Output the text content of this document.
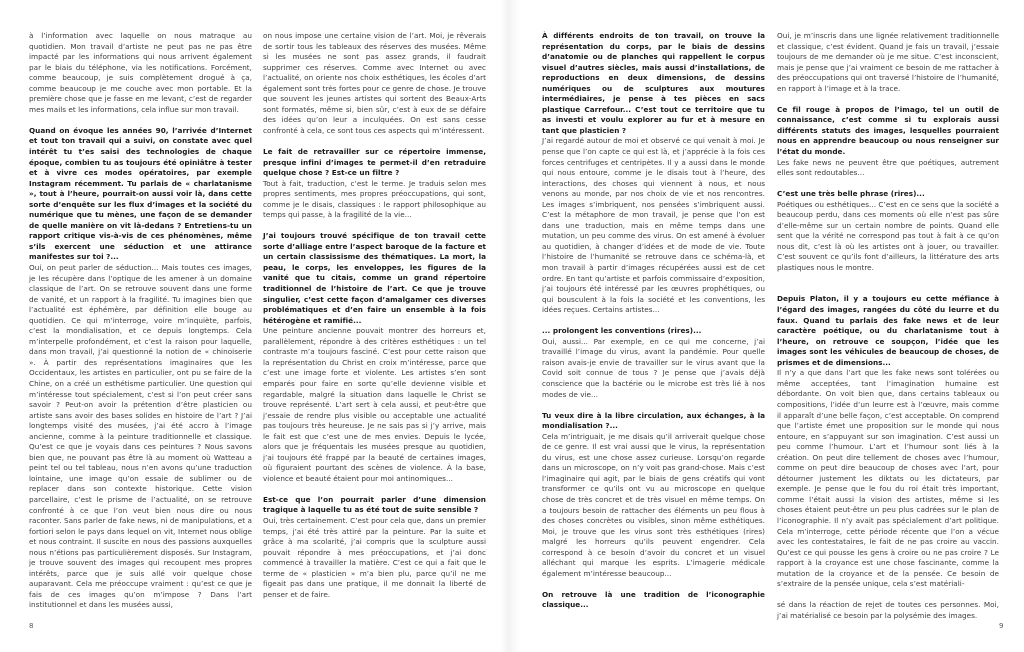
à l’information avec laquelle on nous matraque au quotidien. Mon travail d’artiste ne peut pas ne pas être impacté par les informations qui nous arrivent également par le biais du téléphone, via les notifications. Forcément, comme beaucoup, je suis complètement drogué à ça, comme beaucoup je me couche avec mon portable. Et la première chose que je fasse en me levant, c’est de regarder mes mails et les informations, cela influe sur mon travail.

Quand on évoque les années 90, l’arrivée d’Internet et tout ton travail qui a suivi, on constate avec quel intérêt tu t’es saisi des technologies de chaque époque, combien tu as toujours été opiniâtre à tester et à vivre ces modes opératoires, par exemple Instagram récemment. Tu parlais de « charlatanisme », tout à l’heure, pourrait-on aussi voir là, dans cette sorte d’enquête sur les flux d’images et la société du numérique que tu mènes, une façon de se demander de quelle manière on vit là-dedans ? Entretiens-tu un rapport critique vis-à-vis de ces phénomènes, même s’ils exercent une séduction et une attirance manifestes sur toi ?...

Oui, on peut parler de séduction... Mais toutes ces images, je les récupère dans l’optique de les amener à un domaine classique de l’art. On se retrouve souvent dans une forme de vanité, et un rapport à la fragilité. Tu imagines bien que l’actualité est éphémère, par définition elle bouge au quotidien. Ce qui m’interroge, voire m’inquiète, parfois, c’est la mondialisation, et ce depuis longtemps. Cela m’interpelle profondément, et c’est la raison pour laquelle, dans mon travail, j’ai questionné la notion de « chinoiserie ». À partir des représentations imaginaires que les Occidentaux, les artistes en particulier, ont pu se faire de la Chine, on a créé un esthétisme particulier. Une question qui m’intéresse tout spécialement, c’est si l’on peut créer sans savoir ? Peut-on avoir la prétention d’être plasticien ou artiste sans avoir des bases solides en histoire de l’art ? J’ai longtemps visité des musées, j’ai été accro à l’image ancienne, comme à la peinture traditionnelle et classique. Qu’est ce que je voyais dans ces peintures ? Nous savons bien que, ne pouvant pas être là au moment où Watteau a peint tel ou tel tableau, nous n’en avons qu’une traduction lointaine, une image qu’on essaie de sublimer ou de replacer dans son contexte historique. Cette vision parcellaire, c’est le prisme de l’actualité, on se retrouve confronté à ce que l’on veut bien nous dire ou nous raconter. Sans parler de fake news, ni de manipulations, et a fortiori selon le pays dans lequel on vit, Internet nous oblige et nous contraint. Il suscite en nous des passions auxquelles nous n’étions pas particulièrement disposés. Sur Instagram, je trouve souvent des images qui recoupent mes propres intérêts, parce que je suis allé voir quelque chose auparavant. Cela me préoccupe vraiment : qu’est ce que je fais de ces images qu’on m’impose ? Dans l’art institutionnel et dans les musées aussi,

on nous impose une certaine vision de l’art. Moi, je rêverais de sortir tous les tableaux des réserves des musées. Même si les musées ne sont pas assez grands, il faudrait supprimer ces réserves. Comme avec Internet ou avec l’actualité, on oriente nos choix esthétiques, les écoles d’art également sont très fortes pour ce genre de chose. Je trouve que souvent les jeunes artistes qui sortent des Beaux-Arts sont formatés, même si, bien sûr, c’est à eux de se défaire des idées qu’on leur a inculquées. On est sans cesse confronté à cela, ce sont tous ces aspects qui m’intéressent.

Le fait de retravailler sur ce répertoire immense, presque infini d’images te permet-il d’en retraduire quelque chose ? Est-ce un filtre ?

Tout à fait, traduction, c’est le terme. Je traduis selon mes propres sentiments, mes propres préoccupations, qui sont, comme je le disais, classiques : le rapport philosophique au temps qui passe, à la fragilité de la vie...

J’ai toujours trouvé spécifique de ton travail cette sorte d’alliage entre l’aspect baroque de la facture et un certain classissisme des thématiques. La mort, la peau, le corps, les enveloppes, les figures de la vanité que tu citais, comme un grand répertoire traditionnel de l’histoire de l’art. Ce que je trouve singulier, c’est cette façon d’amalgamer ces diverses problématiques et d’en faire un ensemble à la fois hétérogène et ramifié...

Une peinture ancienne pouvait montrer des horreurs et, parallèlement, répondre à des critères esthétiques : un tel contraste m’a toujours fasciné. C’est pour cette raison que la représentation du Christ en croix m’intéresse, parce que c’est une image forte et violente. Les artistes s’en sont emparés pour faire en sorte qu’elle devienne visible et regardable, malgré la situation dans laquelle le Christ se trouve représenté. L’art sert à cela aussi, et peut-être que j’essaie de rendre plus visible ou acceptable une actualité pas toujours très heureuse. Je ne sais pas si j’y arrive, mais le fait est que c’est une de mes envies. Depuis le lycée, alors que je fréquentais les musées presque au quotidien, j’ai toujours été frappé par la beauté de certaines images, où figuraient pourtant des scènes de violence. À la base, violence et beauté étaient pour moi antinomiques...

Est-ce que l’on pourrait parler d’une dimension tragique à laquelle tu as été tout de suite sensible ?

Oui, très certainement. C’est pour cela que, dans un premier temps, j’ai été très attiré par la peinture. Par la suite et grâce à ma scolarité, j’ai compris que la sculpture aussi pouvait répondre à mes préoccupations, et j’ai donc commencé à travailler la matière. C’est ce qui a fait que le terme de « plasticien » m’a bien plu, parce qu’il ne me figeait pas dans une pratique, il me donnait la liberté de penser et de faire.

8

À différents endroits de ton travail, on trouve la représentation du corps, par le biais de dessins d’anatomie ou de planches qui rappellent le corpus visuel d’autres siècles, mais aussi d’installations, de reproductions en deux dimensions, de dessins numériques ou de sculptures aux moutures intermédiaires, je pense à tes pièces en sacs plastique Carrefour... C’est tout ce territoire que tu as investi et voulu explorer au fur et à mesure en tant que plasticien ?

J’ai regardé autour de moi et observé ce qui venait à moi. Je pense que l’on capte ce qui est là, et j’apprécie à la fois ces forces centrifuges et centripètes. Il y a aussi dans le monde qui nous entoure, comme je le disais tout à l’heure, des interactions, des choses qui viennent à nous, et nous venons au monde, par nos choix de vie et nos rencontres. Les images s’imbriquent, nos pensées s’imbriquent aussi. C’est la métaphore de mon travail, je pense que l’on est dans une traduction, mais en même temps dans une mutation, un peu comme des virus. On est amené à évoluer au quotidien, à changer d’idées et de mode de vie. Toute l’histoire de l’humanité se retrouve dans ce schéma-là, et mon travail à partir d’images récupérées aussi est de cet ordre. En tant qu’artiste et parfois commissaire d’exposition, j’ai toujours été intéressé par les œuvres prophétiques, ou qui bousculent à la fois la société et les conventions, les idées reçues. Certains artistes...

... prolongent les conventions (rires)...

Oui, aussi... Par exemple, en ce qui me concerne, j’ai travaillé l’image du virus, avant la pandémie. Pour quelle raison avais-je envie de travailler sur le virus avant que la Covid soit connue de tous ? Je pense que j’avais déjà conscience que la bactérie ou le microbe est très lié à nos modes de vie...

Tu veux dire à la libre circulation, aux échanges, à la mondialisation ?...

Cela m’intriguait, je me disais qu’il arriverait quelque chose de ce genre. Il est vrai aussi que le virus, la représentation du virus, est une chose assez curieuse. Lorsqu’on regarde dans un microscope, on n’y voit pas grand-chose. Mais c’est l’imaginaire qui agit, par le biais de gens créatifs qui vont transformer ce qu’ils ont vu au microscope en quelque chose de très concret et de très visuel en même temps. On a toujours besoin de rattacher des éléments un peu flous à des choses concrètes ou visibles, sinon même esthétiques. Moi, je trouve que les virus sont très esthétiques (rires) malgré les horreurs qu’ils peuvent engendrer. Cela correspond à ce besoin d’avoir du concret et un visuel alléchant qui marque les esprits. L’imagerie médicale également m’intéresse beaucoup...

On retrouve là une tradition de l’iconographie classique...

Oui, je m’inscris dans une lignée relativement traditionnelle et classique, c’est évident. Quand je fais un travail, j’essaie toujours de me demander où je me situe. C’est inconscient, mais je pense que j’ai vraiment ce besoin de me rattacher à des préoccupations qui ont traversé l’histoire de l’humanité, en rapport à l’image et à la trace.

Ce fil rouge à propos de l’imago, tel un outil de connaissance, c’est comme si tu explorais aussi différents statuts des images, lesquelles pourraient nous en apprendre beaucoup ou nous renseigner sur l’état du monde.

Les fake news ne peuvent être que poétiques, autrement elles sont redoutables...

C’est une très belle phrase (rires)...

Poétiques ou esthétiques... C’est en ce sens que la société a beaucoup perdu, dans ces moments où elle n’est pas sûre d’elle-même sur un certain nombre de points. Quand elle sent que la vérité ne correspond pas tout à fait à ce qu’on nous dit, c’est là où les artistes ont à jouer, ou travailler. C’est souvent ce qu’ils font d’ailleurs, la littérature des arts plastiques nous le montre.

Depuis Platon, il y a toujours eu cette méfiance à l’égard des images, rangées du côté du leurre et du faux. Quand tu parlais des fake news et de leur caractère poétique, ou du charlatanisme tout à l’heure, on retrouve ce soupçon, l’idée que les images sont les véhicules de beaucoup de choses, de prismes et de dimensions...

Il n’y a que dans l’art que les fake news sont tolérées ou même acceptées, tant l’imagination humaine est débordante. On voit bien que, dans certains tableaux ou compositions, l’idée d’un leurre est à l’œuvre, mais comme il apparaît d’une belle façon, c’est acceptable. On comprend que l’artiste émet une proposition sur le monde qui nous entoure, en s’appuyant sur son imagination. C’est aussi un peu comme l’humour. L’art et l’humour sont liés à la création. On peut dire tellement de choses avec l’humour, comme on peut dire beaucoup de choses avec l’art, pour détourner justement les diktats ou les dictateurs, par exemple. Je pense que le fou du roi était très important, comme l’était aussi la vision des artistes, même si les choses étaient peut-être un peu plus cadrées sur le plan de l’iconographie. Il n’y avait pas spécialement d’art politique. Cela m’interroge, cette période récente que l’on a vécue avec les contestataires, le fait de ne pas croire au vaccin. Qu’est ce qui pousse les gens à croire ou ne pas croire ? Le rapport à la croyance est une chose fascinante, comme la mutation de la croyance et de la pensée. Ce besoin de s’extraire de la pensée unique, cela s’est matériali-

sé dans la réaction de rejet de toutes ces personnes. Moi, j’ai matérialisé ce besoin par la polysémie des images.

9
